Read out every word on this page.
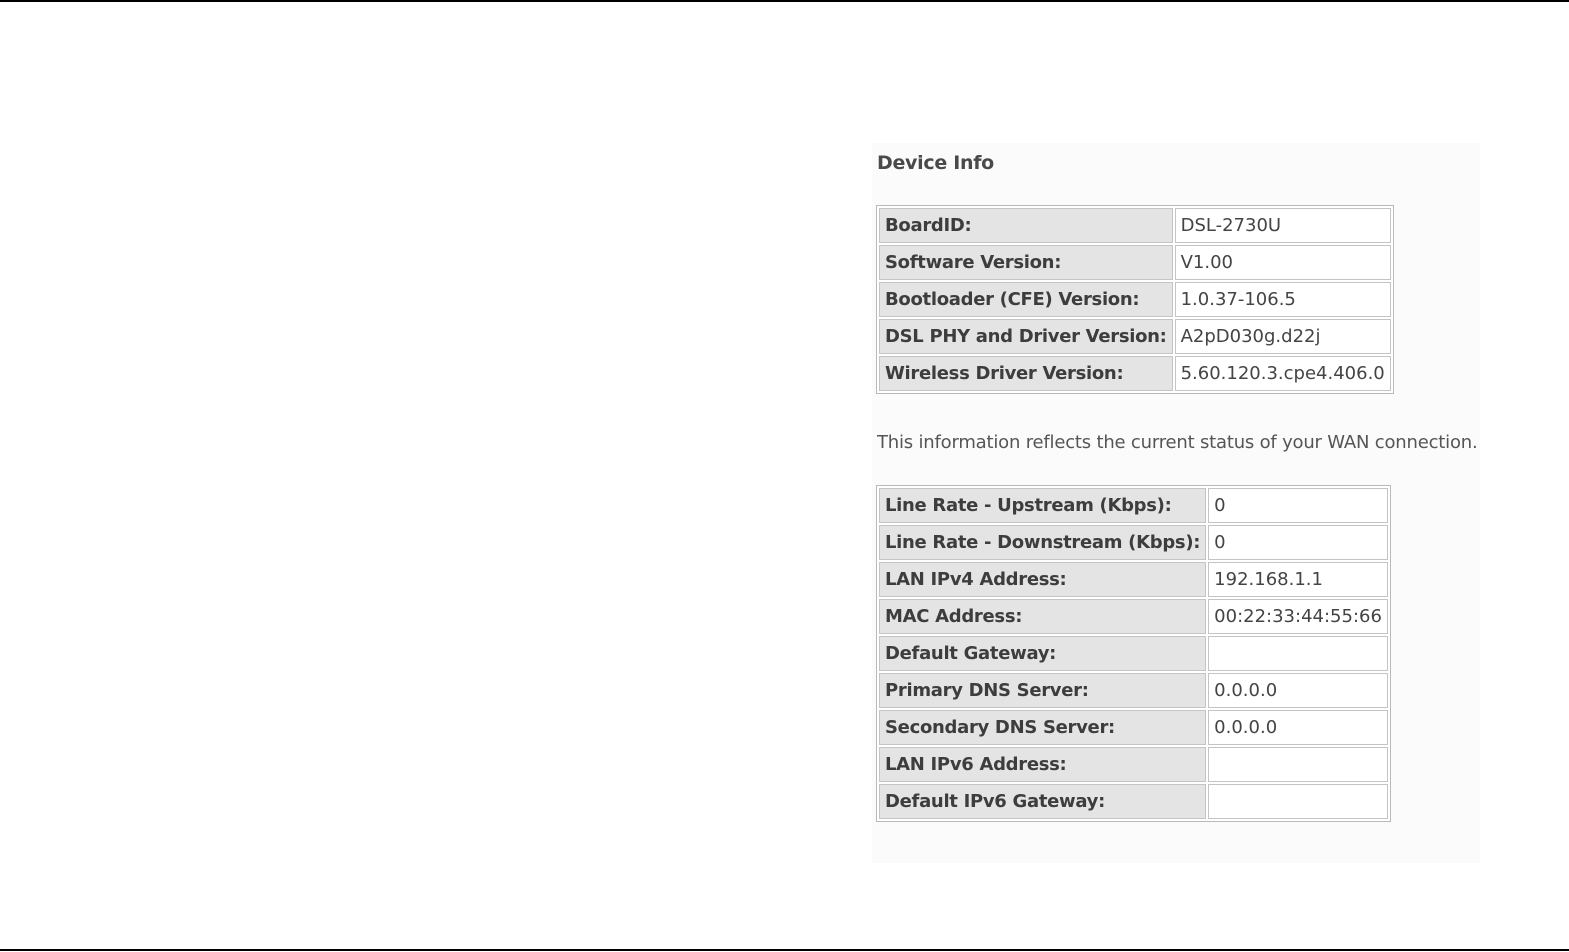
Device Info
BoardID:	DSL-2730U
Software Version:	V1.00
Bootloader (CFE) Version:	1.0.37-106.5
DSL PHY and Driver Version:	A2pD030g.d22j
Wireless Driver Version:	5.60.120.3.cpe4.406.0
This information reflects the current status of your WAN connection.
Line Rate - Upstream (Kbps):	0
Line Rate - Downstream (Kbps):	0
LAN IPv4 Address:	192.168.1.1
MAC Address:	00:22:33:44:55:66
Default Gateway:	
Primary DNS Server:	0.0.0.0
Secondary DNS Server:	0.0.0.0
LAN IPv6 Address:	
Default IPv6 Gateway:	
